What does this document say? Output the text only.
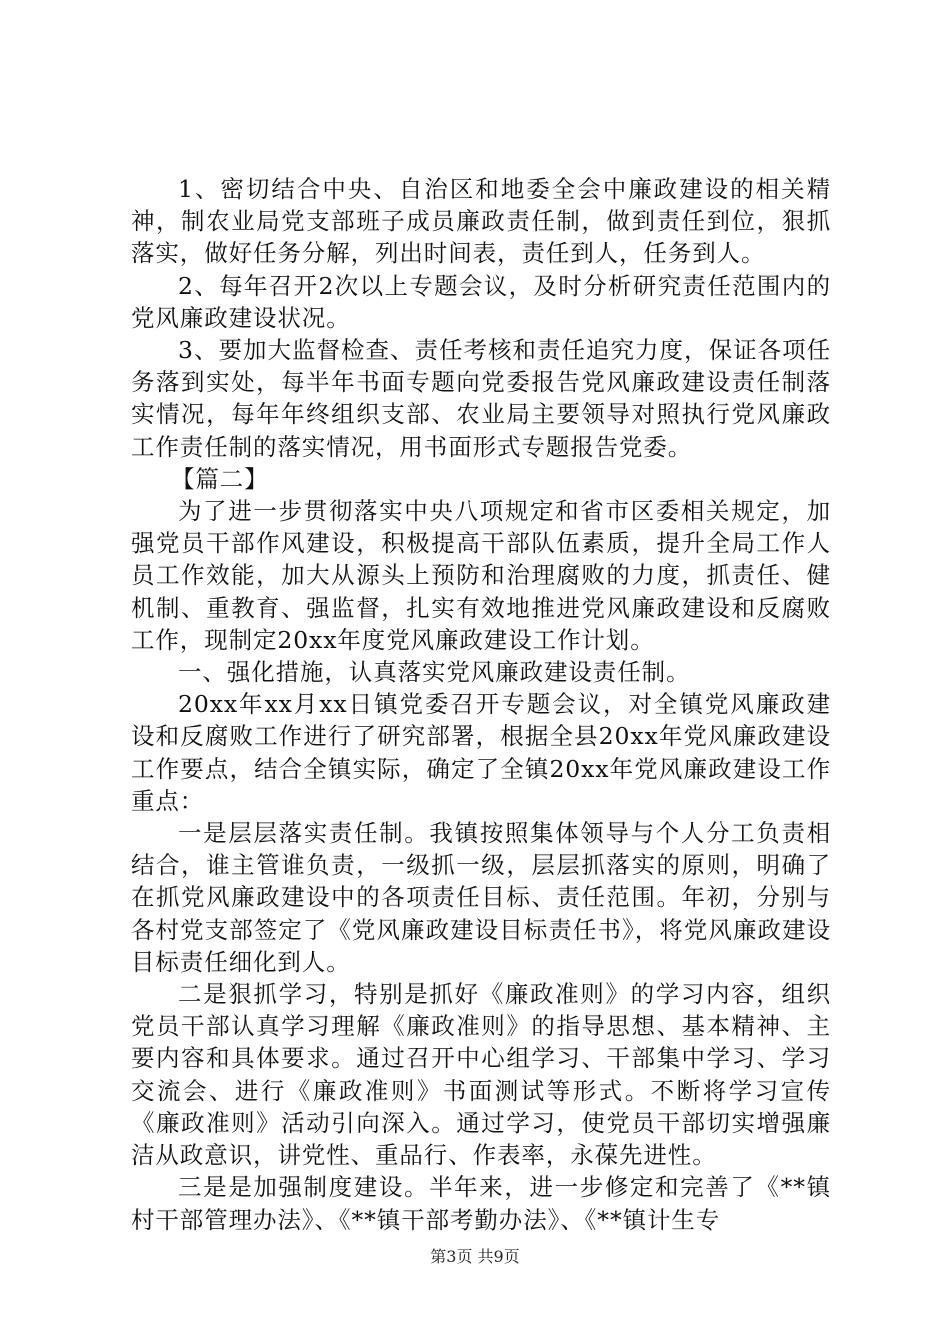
1、密切结合中央、自治区和地委全会中廉政建设的相关精神，制农业局党支部班子成员廉政责任制，做到责任到位，狠抓落实，做好任务分解，列出时间表，责任到人，任务到人。

2、每年召开2次以上专题会议，及时分析研究责任范围内的党风廉政建设状况。

3、要加大监督检查、责任考核和责任追究力度，保证各项任务落到实处，每半年书面专题向党委报告党风廉政建设责任制落实情况，每年年终组织支部、农业局主要领导对照执行党风廉政工作责任制的落实情况，用书面形式专题报告党委。

【篇二】

为了进一步贯彻落实中央八项规定和省市区委相关规定，加强党员干部作风建设，积极提高干部队伍素质，提升全局工作人员工作效能，加大从源头上预防和治理腐败的力度，抓责任、健机制、重教育、强监督，扎实有效地推进党风廉政建设和反腐败工作，现制定20xx年度党风廉政建设工作计划。

一、强化措施，认真落实党风廉政建设责任制。

20xx年xx月xx日镇党委召开专题会议，对全镇党风廉政建设和反腐败工作进行了研究部署，根据全县20xx年党风廉政建设工作要点，结合全镇实际，确定了全镇20xx年党风廉政建设工作重点：

一是层层落实责任制。我镇按照集体领导与个人分工负责相结合，谁主管谁负责，一级抓一级，层层抓落实的原则，明确了在抓党风廉政建设中的各项责任目标、责任范围。年初，分别与各村党支部签定了《党风廉政建设目标责任书》，将党风廉政建设目标责任细化到人。

二是狠抓学习，特别是抓好《廉政准则》的学习内容，组织党员干部认真学习理解《廉政准则》的指导思想、基本精神、主要内容和具体要求。通过召开中心组学习、干部集中学习、学习交流会、进行《廉政准则》书面测试等形式。不断将学习宣传《廉政准则》活动引向深入。通过学习，使党员干部切实增强廉洁从政意识，讲党性、重品行、作表率，永葆先进性。

三是是加强制度建设。半年来，进一步修定和完善了《**镇村干部管理办法》、《**镇干部考勤办法》、《**镇计生专

第3页 共9页
